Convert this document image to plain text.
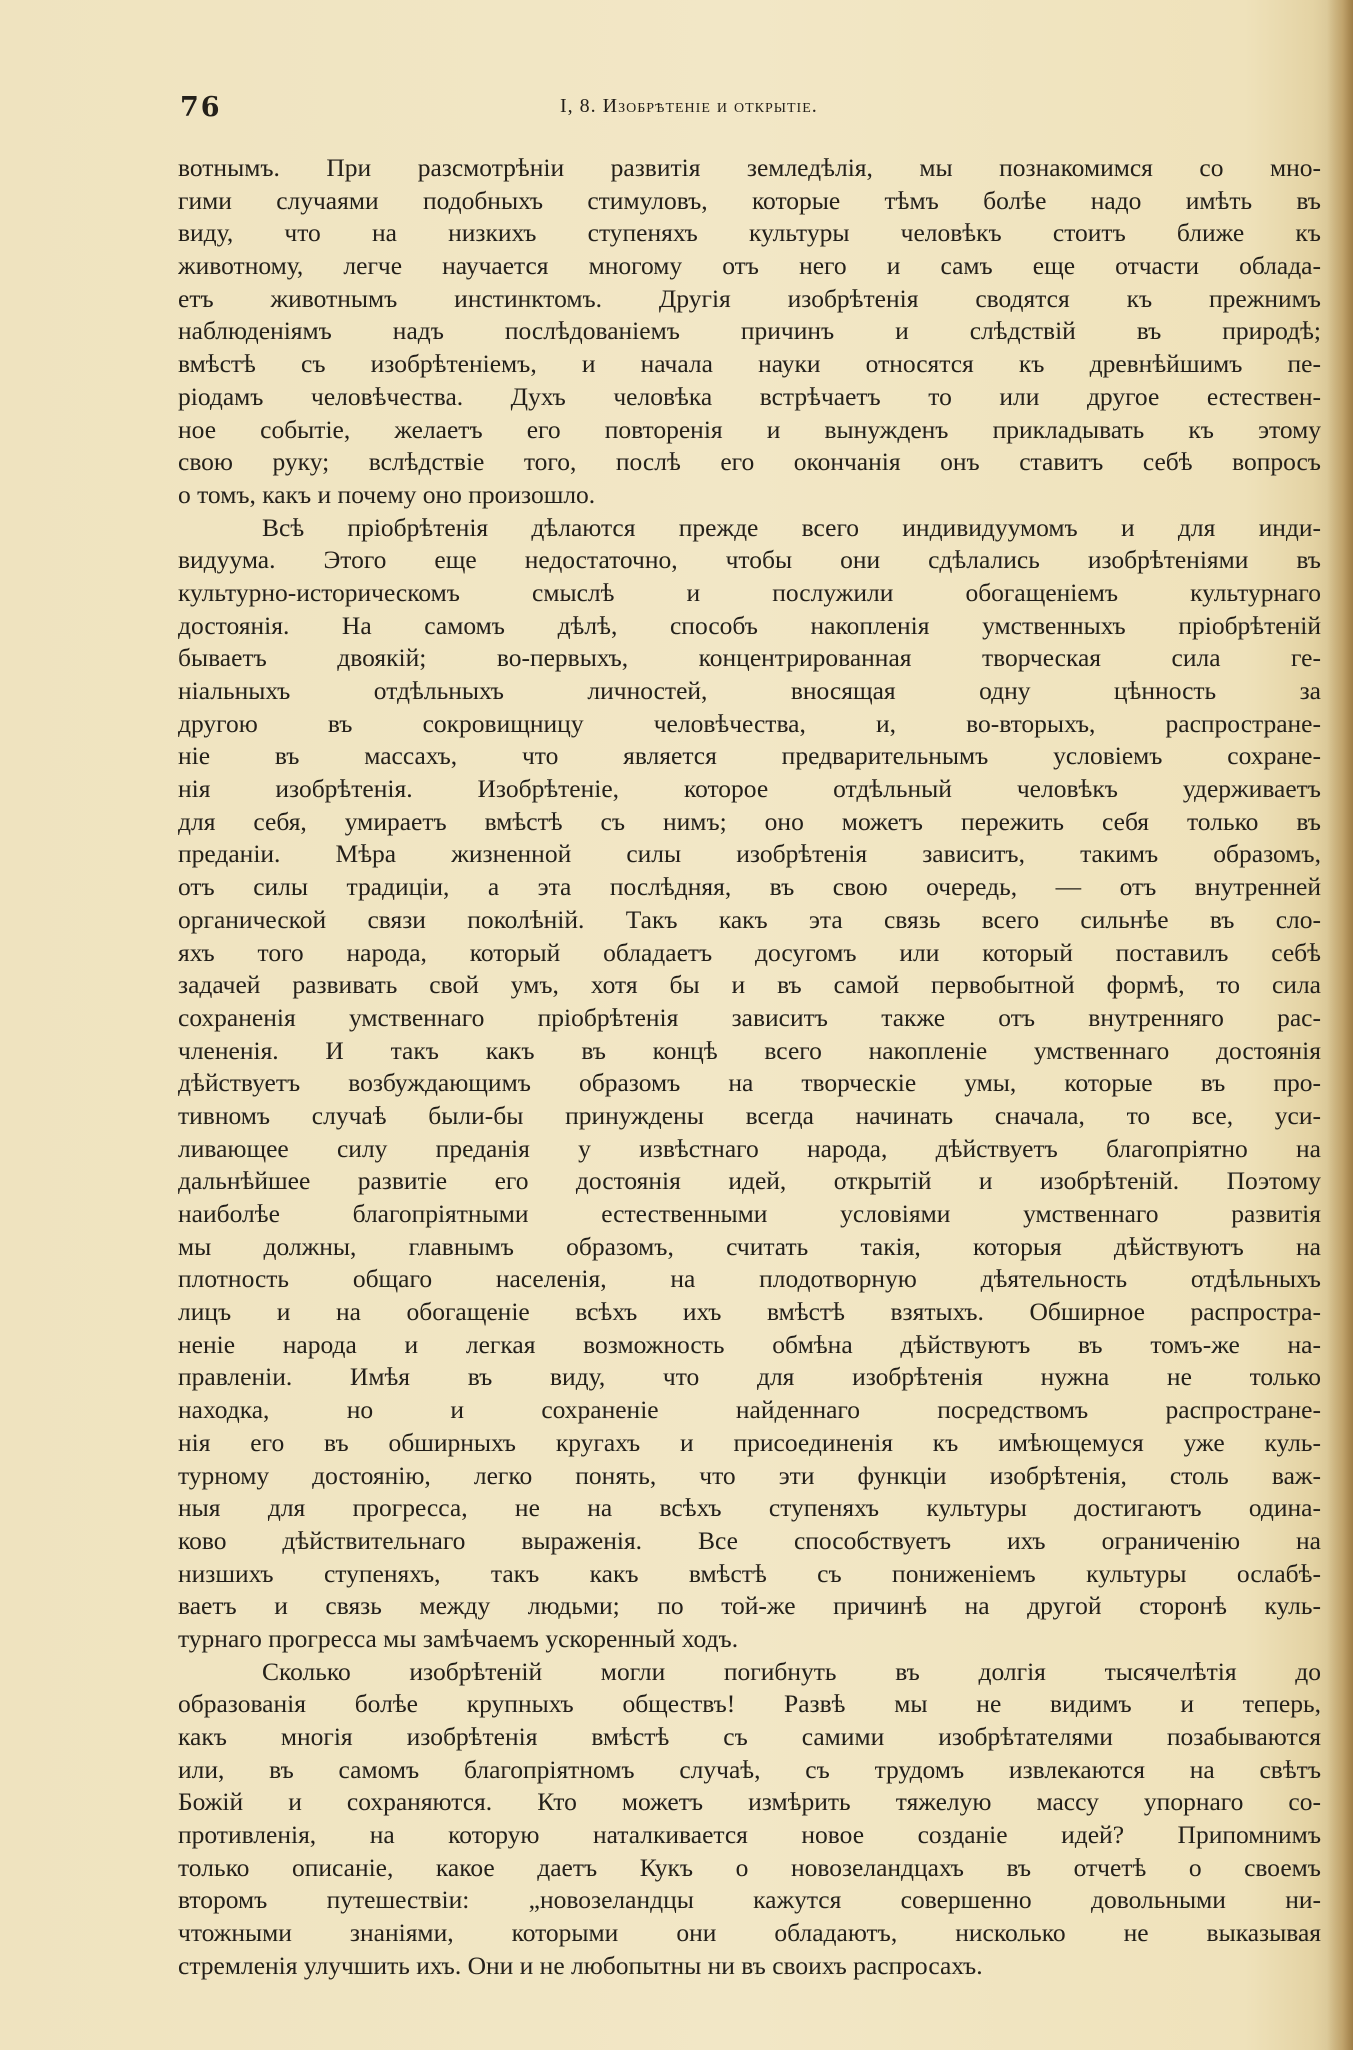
76	I, 8. Изобрѣтеніе и открытіе.
вотнымъ. При разсмотрѣніи развитія земледѣлія, мы познакомимся со мно-
гими случаями подобныхъ стимуловъ, которые тѣмъ болѣе надо имѣть въ
виду, что на низкихъ ступеняхъ культуры человѣкъ стоитъ ближе къ
животному, легче научается многому отъ него и самъ еще отчасти облада-
етъ животнымъ инстинктомъ. Другія изобрѣтенія сводятся къ прежнимъ
наблюденіямъ надъ послѣдованіемъ причинъ и слѣдствій въ природѣ;
вмѣстѣ съ изобрѣтеніемъ, и начала науки относятся къ древнѣйшимъ пе-
ріодамъ человѣчества. Духъ человѣка встрѣчаетъ то или другое естествен-
ное событіе, желаетъ его повторенія и вынужденъ прикладывать къ этому
свою руку; вслѣдствіе того, послѣ его окончанія онъ ставитъ себѣ вопросъ
о томъ, какъ и почему оно произошло.
Всѣ пріобрѣтенія дѣлаются прежде всего индивидуумомъ и для инди-
видуума. Этого еще недостаточно, чтобы они сдѣлались изобрѣтеніями въ
культурно-историческомъ смыслѣ и послужили обогащеніемъ культурнаго
достоянія. На самомъ дѣлѣ, способъ накопленія умственныхъ пріобрѣтеній
бываетъ двоякій; во-первыхъ, концентрированная творческая сила ге-
ніальныхъ отдѣльныхъ личностей, вносящая одну цѣнность за
другою въ сокровищницу человѣчества, и, во-вторыхъ, распростране-
ніе въ массахъ, что является предварительнымъ условіемъ сохране-
нія изобрѣтенія. Изобрѣтеніе, которое отдѣльный человѣкъ удерживаетъ
для себя, умираетъ вмѣстѣ съ нимъ; оно можетъ пережить себя только въ
преданіи. Мѣра жизненной силы изобрѣтенія зависитъ, такимъ образомъ,
отъ силы традиціи, а эта послѣдняя, въ свою очередь, — отъ внутренней
органической связи поколѣній. Такъ какъ эта связь всего сильнѣе въ сло-
яхъ того народа, который обладаетъ досугомъ или который поставилъ себѣ
задачей развивать свой умъ, хотя бы и въ самой первобытной формѣ, то сила
сохраненія умственнаго пріобрѣтенія зависитъ также отъ внутренняго рас-
члененія. И такъ какъ въ концѣ всего накопленіе умственнаго достоянія
дѣйствуетъ возбуждающимъ образомъ на творческіе умы, которые въ про-
тивномъ случаѣ были-бы принуждены всегда начинать сначала, то все, уси-
ливающее силу преданія у извѣстнаго народа, дѣйствуетъ благопріятно на
дальнѣйшее развитіе его достоянія идей, открытій и изобрѣтеній. Поэтому
наиболѣе благопріятными естественными условіями умственнаго развитія
мы должны, главнымъ образомъ, считать такія, которыя дѣйствуютъ на
плотность общаго населенія, на плодотворную дѣятельность отдѣльныхъ
лицъ и на обогащеніе всѣхъ ихъ вмѣстѣ взятыхъ. Обширное распростра-
неніе народа и легкая возможность обмѣна дѣйствуютъ въ томъ-же на-
правленіи. Имѣя въ виду, что для изобрѣтенія нужна не только
находка, но и сохраненіе найденнаго посредствомъ распростране-
нія его въ обширныхъ кругахъ и присоединенія къ имѣющемуся уже куль-
турному достоянію, легко понять, что эти функціи изобрѣтенія, столь важ-
ныя для прогресса, не на всѣхъ ступеняхъ культуры достигаютъ одина-
ково дѣйствительнаго выраженія. Все способствуетъ ихъ ограниченію на
низшихъ ступеняхъ, такъ какъ вмѣстѣ съ пониженіемъ культуры ослабѣ-
ваетъ и связь между людьми; по той-же причинѣ на другой сторонѣ куль-
турнаго прогресса мы замѣчаемъ ускоренный ходъ.
Сколько изобрѣтеній могли погибнуть въ долгія тысячелѣтія до
образованія болѣе крупныхъ обществъ! Развѣ мы не видимъ и теперь,
какъ многія изобрѣтенія вмѣстѣ съ самими изобрѣтателями позабываются
или, въ самомъ благопріятномъ случаѣ, съ трудомъ извлекаются на свѣтъ
Божій и сохраняются. Кто можетъ измѣрить тяжелую массу упорнаго со-
противленія, на которую наталкивается новое созданіе идей? Припомнимъ
только описаніе, какое даетъ Кукъ о новозеландцахъ въ отчетѣ о своемъ
второмъ путешествіи: „новозеландцы кажутся совершенно довольными ни-
чтожными знаніями, которыми они обладаютъ, нисколько не выказывая
стремленія улучшить ихъ. Они и не любопытны ни въ своихъ распросахъ.
